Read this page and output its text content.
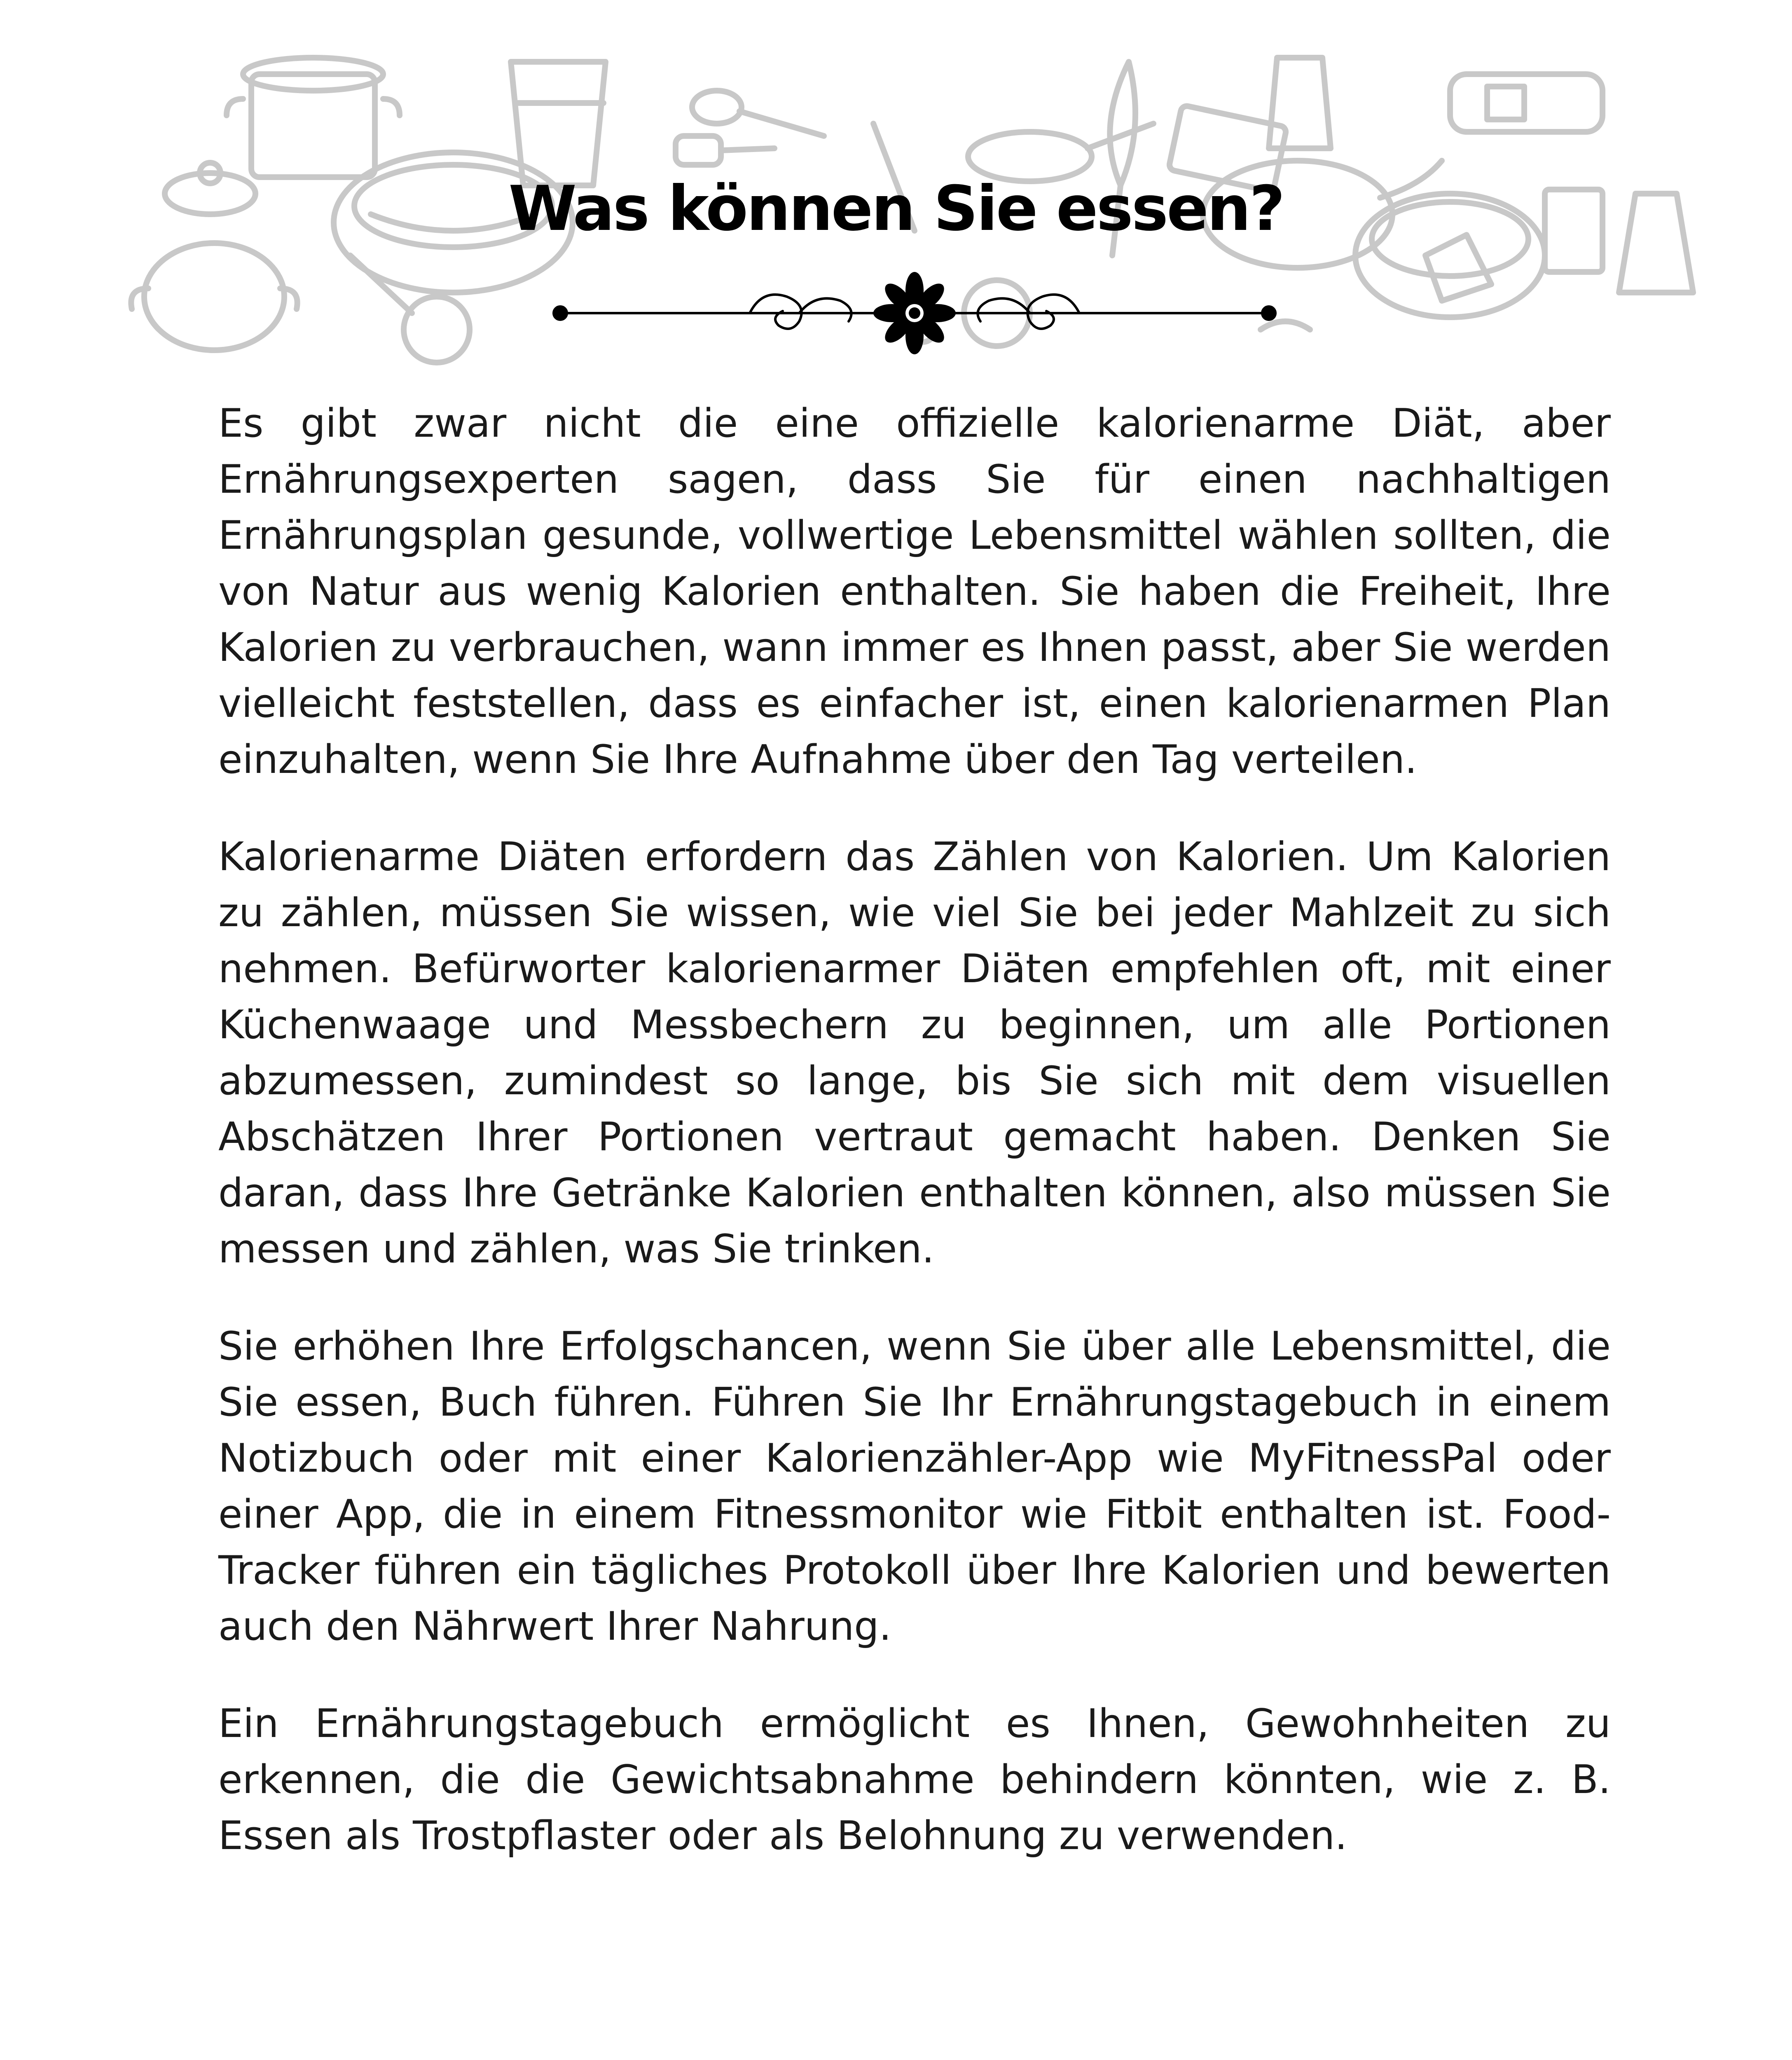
Was können Sie essen?

Es gibt zwar nicht die eine offizielle kalorienarme Diät, aber Ernährungsexperten sagen, dass Sie für einen nachhaltigen Ernährungsplan gesunde, vollwertige Lebensmittel wählen sollten, die von Natur aus wenig Kalorien enthalten. Sie haben die Freiheit, Ihre Kalorien zu verbrauchen, wann immer es Ihnen passt, aber Sie werden vielleicht feststellen, dass es einfacher ist, einen kalorienarmen Plan einzuhalten, wenn Sie Ihre Aufnahme über den Tag verteilen.

Kalorienarme Diäten erfordern das Zählen von Kalorien. Um Kalorien zu zählen, müssen Sie wissen, wie viel Sie bei jeder Mahlzeit zu sich nehmen. Befürworter kalorienarmer Diäten empfehlen oft, mit einer Küchenwaage und Messbechern zu beginnen, um alle Portionen abzumessen, zumindest so lange, bis Sie sich mit dem visuellen Abschätzen Ihrer Portionen vertraut gemacht haben. Denken Sie daran, dass Ihre Getränke Kalorien enthalten können, also müssen Sie messen und zählen, was Sie trinken.

Sie erhöhen Ihre Erfolgschancen, wenn Sie über alle Lebensmittel, die Sie essen, Buch führen. Führen Sie Ihr Ernährungstagebuch in einem Notizbuch oder mit einer Kalorienzähler-App wie MyFitnessPal oder einer App, die in einem Fitnessmonitor wie Fitbit enthalten ist. Food-Tracker führen ein tägliches Protokoll über Ihre Kalorien und bewerten auch den Nährwert Ihrer Nahrung.

Ein Ernährungstagebuch ermöglicht es Ihnen, Gewohnheiten zu erkennen, die die Gewichtsabnahme behindern könnten, wie z. B. Essen als Trostpflaster oder als Belohnung zu verwenden.
